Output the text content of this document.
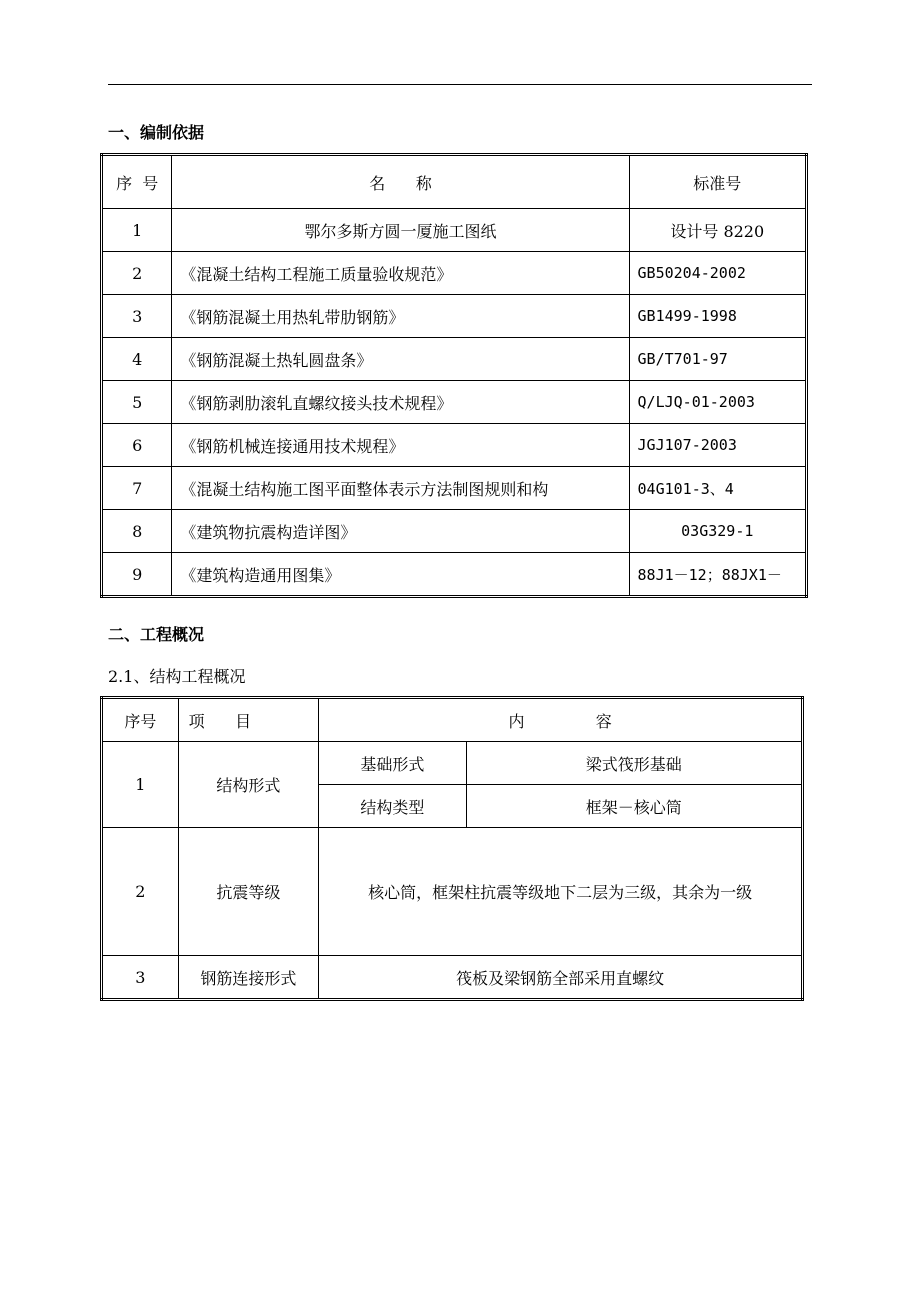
一、编制依据
序  号	名      称	标准号
1	鄂尔多斯方圆一厦施工图纸	设计号 8220
2	《混凝土结构工程施工质量验收规范》	GB50204-2002
3	《钢筋混凝土用热轧带肋钢筋》	GB1499-1998
4	《钢筋混凝土热轧圆盘条》	GB/T701-97
5	《钢筋剥肋滚轧直螺纹接头技术规程》	Q/LJQ-01-2003
6	《钢筋机械连接通用技术规程》	JGJ107-2003
7	《混凝土结构施工图平面整体表示方法制图规则和构	04G101-3、4
8	《建筑物抗震构造详图》	03G329-1
9	《建筑构造通用图集》	88J1－12；88JX1－
二、工程概况
2.1、结构工程概况
序号	项      目	内              容	
1	结构形式	基础形式	梁式筏形基础
		结构类型	框架－核心筒
2	抗震等级	核心筒，框架柱抗震等级地下二层为三级，其余为一级	
3	钢筋连接形式	筏板及梁钢筋全部采用直螺纹	
